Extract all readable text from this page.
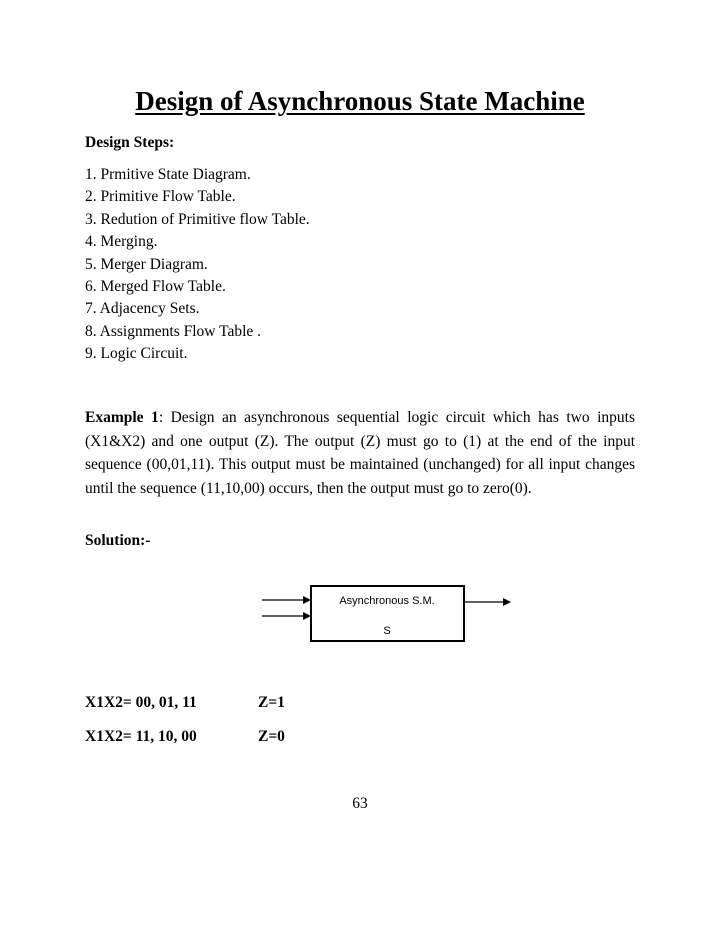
Design of Asynchronous State Machine
Design Steps:
1. Prmitive State Diagram.
2. Primitive Flow Table.
3. Redution of Primitive flow Table.
4. Merging.
5. Merger Diagram.
6. Merged Flow Table.
7. Adjacency Sets.
8. Assignments Flow Table .
9. Logic Circuit.

Example 1: Design an asynchronous sequential logic circuit which has two inputs (X1&X2) and one output (Z). The output (Z) must go to (1) at the end of the input sequence (00,01,11). This output must be maintained (unchanged) for all input changes until the sequence (11,10,00) occurs, then the output must go to zero(0).

Solution:-
Asynchronous S.M.
S
X1X2= 00, 01, 11	Z=1
X1X2= 11, 10, 00	Z=0
63
